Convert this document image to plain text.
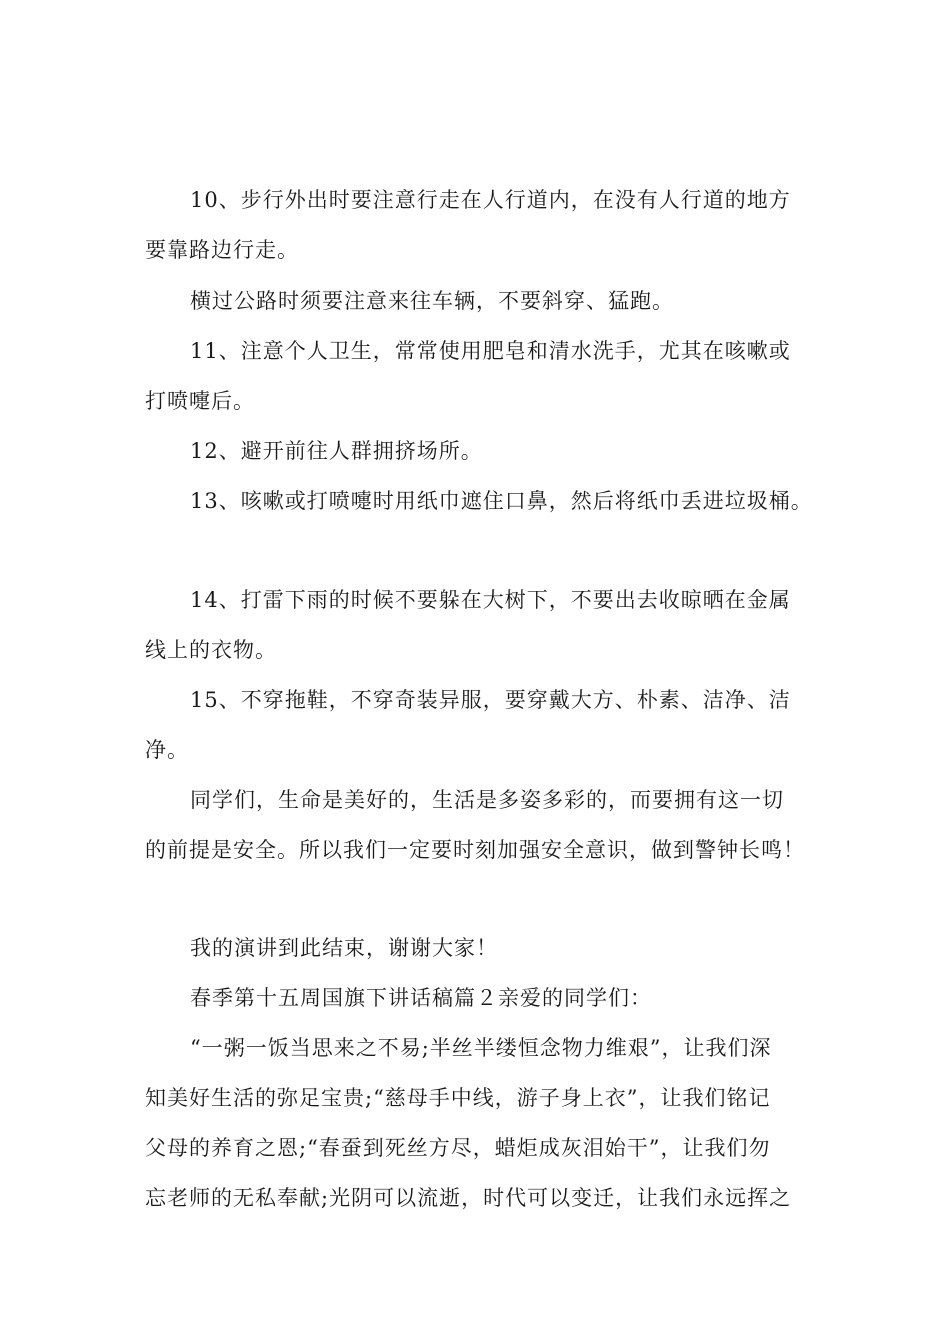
10、步行外出时要注意行走在人行道内，在没有人行道的地方
要靠路边行走。
横过公路时须要注意来往车辆，不要斜穿、猛跑。
11、注意个人卫生，常常使用肥皂和清水洗手，尤其在咳嗽或
打喷嚏后。
12、避开前往人群拥挤场所。
13、咳嗽或打喷嚏时用纸巾遮住口鼻，然后将纸巾丢进垃圾桶。
14、打雷下雨的时候不要躲在大树下，不要出去收晾晒在金属
线上的衣物。
15、不穿拖鞋，不穿奇装异服，要穿戴大方、朴素、洁净、洁
净。
同学们，生命是美好的，生活是多姿多彩的，而要拥有这一切
的前提是安全。所以我们一定要时刻加强安全意识，做到警钟长鸣！
我的演讲到此结束，谢谢大家！
春季第十五周国旗下讲话稿篇２亲爱的同学们：
“一粥一饭当思来之不易;半丝半缕恒念物力维艰”，让我们深
知美好生活的弥足宝贵;“慈母手中线，游子身上衣”，让我们铭记
父母的养育之恩;“春蚕到死丝方尽，蜡炬成灰泪始干”，让我们勿
忘老师的无私奉献;光阴可以流逝，时代可以变迁，让我们永远挥之
